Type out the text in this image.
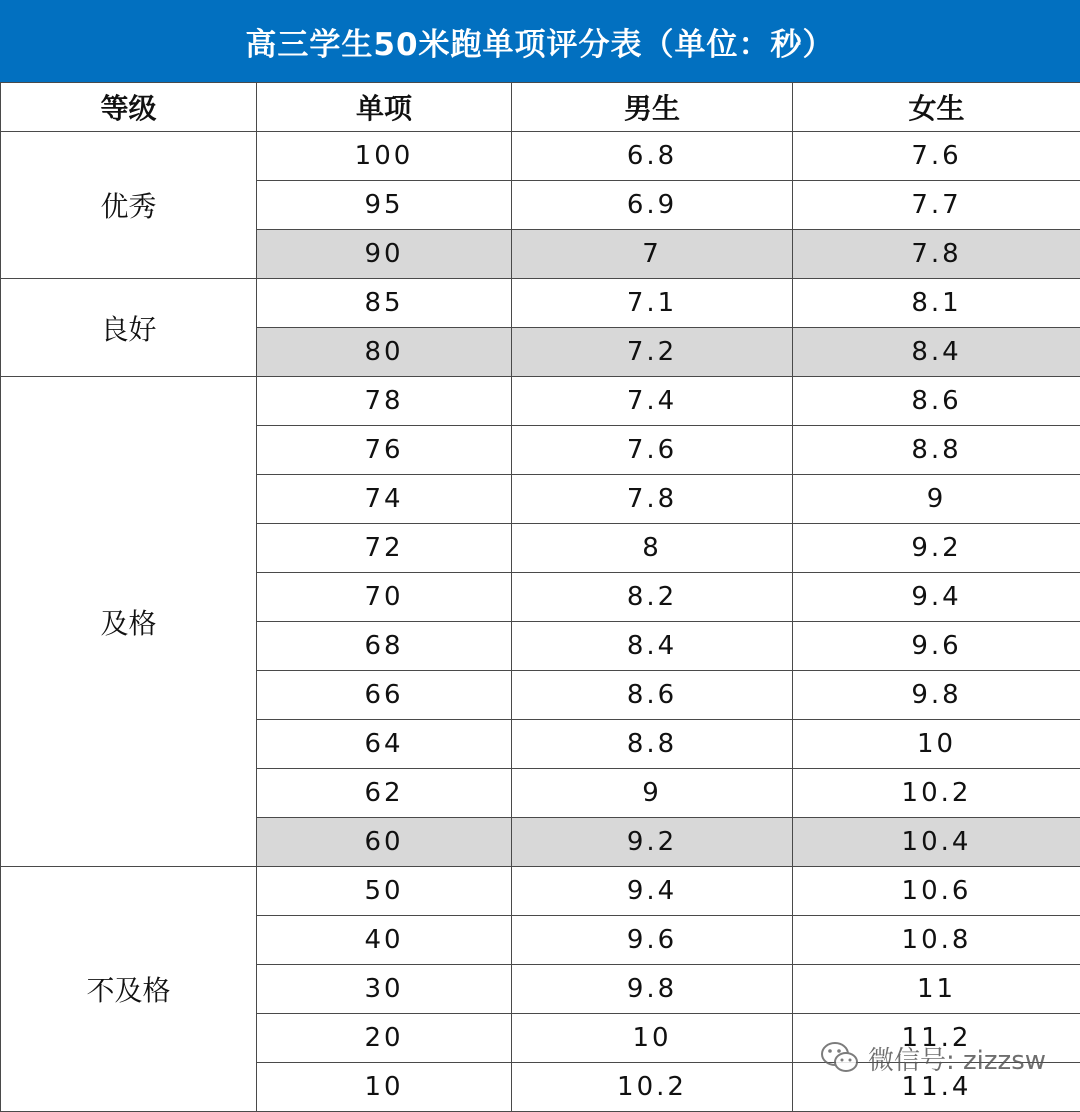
高三学生50米跑单项评分表（单位：秒）
等级	单项	男生	女生
优秀	100	6.8	7.6
	95	6.9	7.7
	90	7	7.8
良好	85	7.1	8.1
	80	7.2	8.4
及格	78	7.4	8.6
	76	7.6	8.8
	74	7.8	9
	72	8	9.2
	70	8.2	9.4
	68	8.4	9.6
	66	8.6	9.8
	64	8.8	10
	62	9	10.2
	60	9.2	10.4
不及格	50	9.4	10.6
	40	9.6	10.8
	30	9.8	11
	20	10	11.2
	10	10.2	11.4
微信号: zizzsw
